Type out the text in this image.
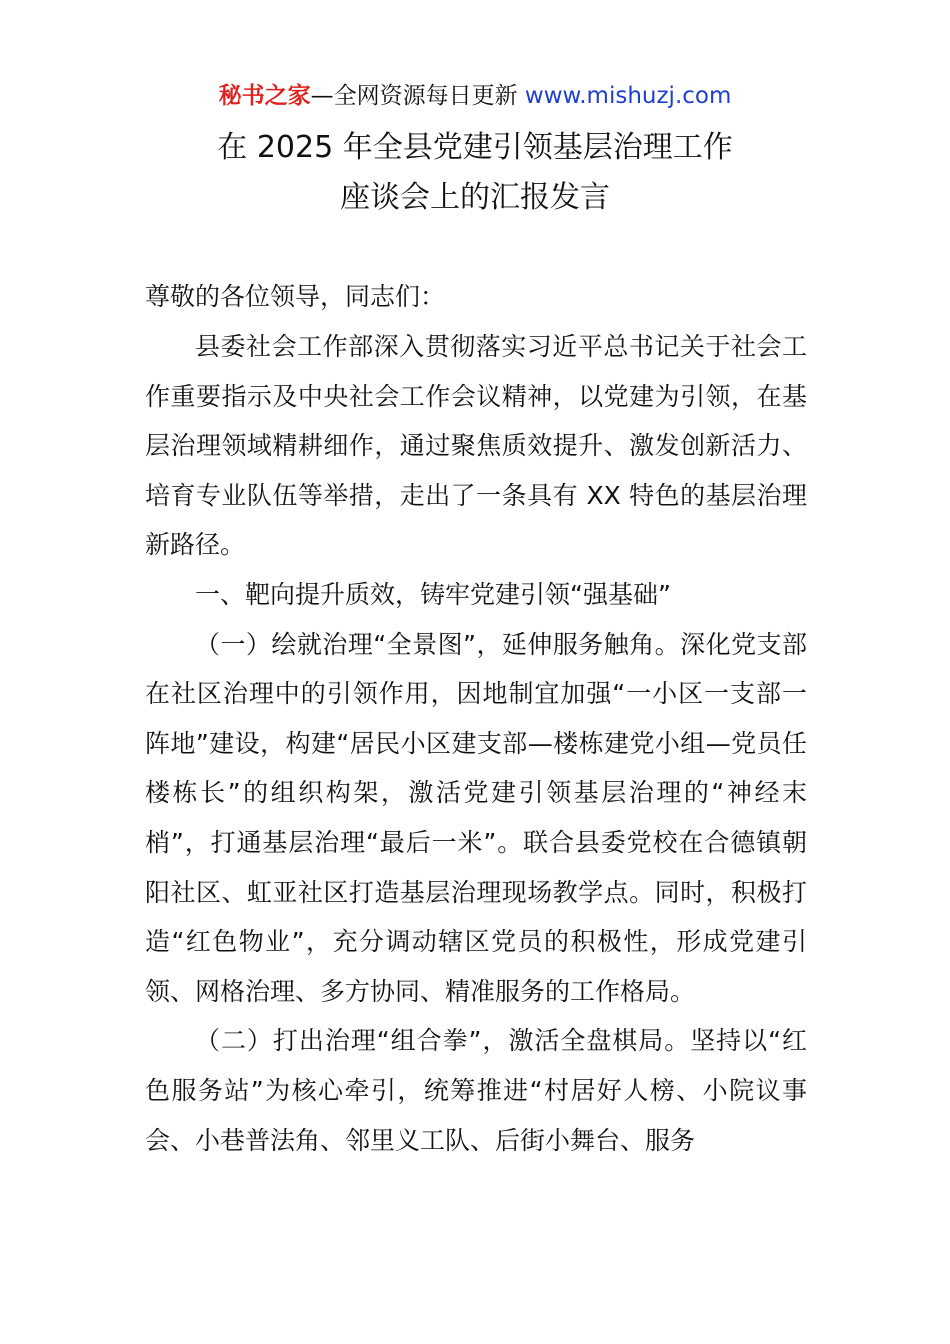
秘书之家—全网资源每日更新 www.mishuzj.com
在 2025 年全县党建引领基层治理工作
座谈会上的汇报发言
尊敬的各位领导，同志们：

县委社会工作部深入贯彻落实习近平总书记关于社会工作重要指示及中央社会工作会议精神，以党建为引领，在基层治理领域精耕细作，通过聚焦质效提升、激发创新活力、培育专业队伍等举措，走出了一条具有 XX 特色的基层治理新路径。

一、靶向提升质效，铸牢党建引领“强基础”

（一）绘就治理“全景图”，延伸服务触角。深化党支部在社区治理中的引领作用，因地制宜加强“一小区一支部一阵地”建设，构建“居民小区建支部—楼栋建党小组—党员任楼栋长”的组织构架，激活党建引领基层治理的“神经末梢”，打通基层治理“最后一米”。联合县委党校在合德镇朝阳社区、虹亚社区打造基层治理现场教学点。同时，积极打造“红色物业”，充分调动辖区党员的积极性，形成党建引领、网格治理、多方协同、精准服务的工作格局。

（二）打出治理“组合拳”，激活全盘棋局。坚持以“红色服务站”为核心牵引，统筹推进“村居好人榜、小院议事会、小巷普法角、邻里义工队、后街小舞台、服务
